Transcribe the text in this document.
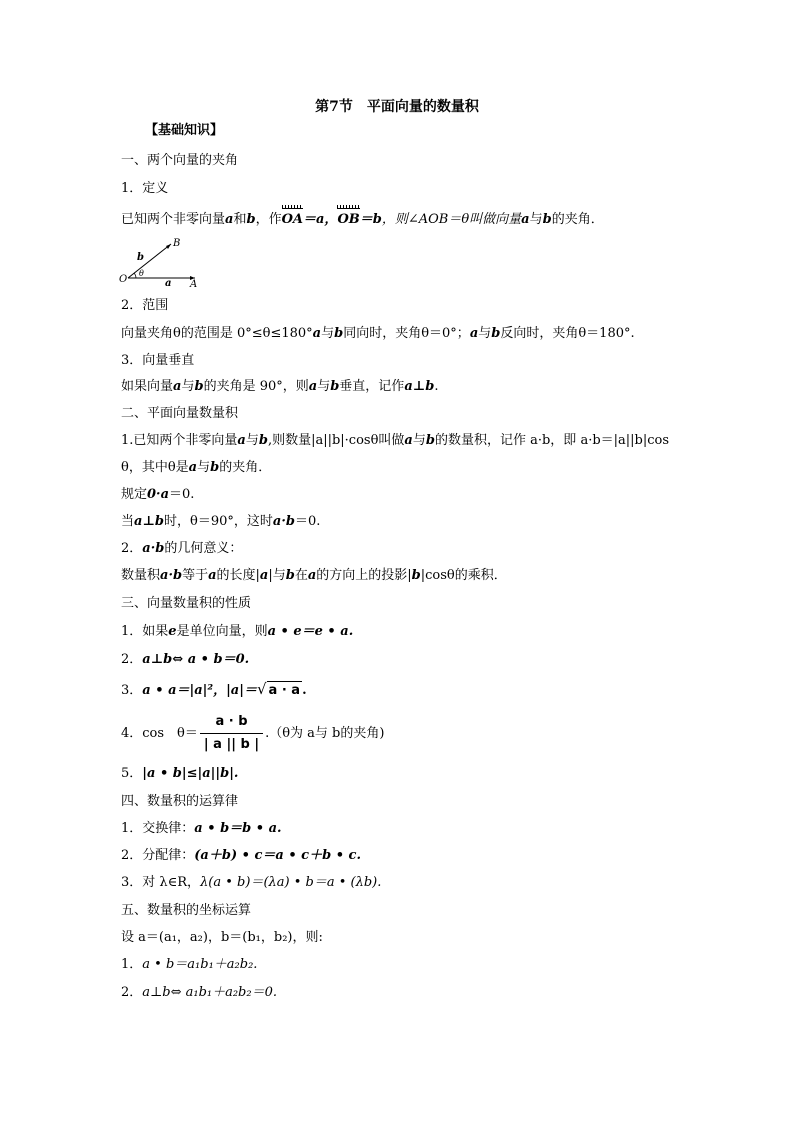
第7节　平面向量的数量积
【基础知识】
一、两个向量的夹角
1．定义
已知两个非零向量a和b，作OA＝a，OB＝b，则∠AOB＝θ叫做向量a与b的夹角．
B
b
O
θ
a A
2．范围
向量夹角θ的范围是 0°≤θ≤180°a与b同向时，夹角θ＝0°；a与b反向时，夹角θ＝180°.
3．向量垂直
如果向量a与b的夹角是 90°，则a与b垂直，记作a⊥b.
二、平面向量数量积
1.已知两个非零向量a与b,则数量|a||b|·cosθ叫做a与b的数量积，记作 a·b，即 a·b＝|a||b|cos
θ，其中θ是a与b的夹角．
规定0·a＝0.
当a⊥b时，θ＝90°，这时a·b＝0.
2．a·b的几何意义：
数量积a·b等于a的长度|a|与b在a的方向上的投影|b|cosθ的乘积．
三、向量数量积的性质
1．如果e是单位向量，则a • e＝e • a.
2．a⊥b⇔ a • b＝0.
3．a • a＝|a|²，|a|＝√ a · a .
4．cos　$\theta= \frac{a \cdot b}{| a || b |} .(\theta$为 a与 b的夹角)
5．|a • b|≤|a||b|.
四、数量积的运算律
1．交换律：a • b＝b • a.
2．分配律：(a＋b) • c＝a • c＋b • c.
3．对 λ∈R，λ(a • b)＝(λa) • b＝a • (λb).
五、数量积的坐标运算
设 a＝(a₁，a₂)，b＝(b₁，b₂)，则:
1．a • b＝a₁b₁＋a₂b₂.
2．a⊥b⇔ a₁b₁＋a₂b₂＝0.
